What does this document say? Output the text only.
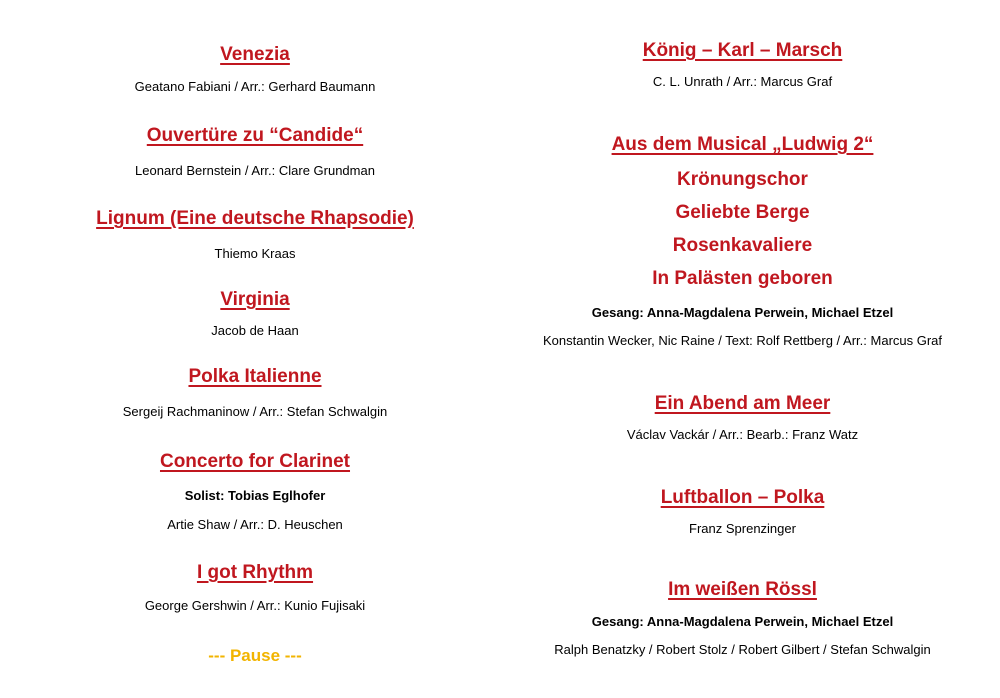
Venezia
Geatano Fabiani / Arr.: Gerhard Baumann
Ouvertüre zu “Candide“
Leonard Bernstein / Arr.: Clare Grundman
Lignum (Eine deutsche Rhapsodie)
Thiemo Kraas
Virginia
Jacob de Haan
Polka Italienne
Sergeij Rachmaninow / Arr.: Stefan Schwalgin
Concerto for Clarinet
Solist: Tobias Eglhofer
Artie Shaw / Arr.: D. Heuschen
I got Rhythm
George Gershwin / Arr.: Kunio Fujisaki
--- Pause ---
König – Karl – Marsch
C. L. Unrath / Arr.: Marcus Graf
Aus dem Musical „Ludwig 2“
Krönungschor
Geliebte Berge
Rosenkavaliere
In Palästen geboren
Gesang: Anna-Magdalena Perwein, Michael Etzel
Konstantin Wecker, Nic Raine / Text: Rolf Rettberg / Arr.: Marcus Graf
Ein Abend am Meer
Václav Vackár / Arr.: Bearb.: Franz Watz
Luftballon – Polka
Franz Sprenzinger
Im weißen Rössl
Gesang: Anna-Magdalena Perwein, Michael Etzel
Ralph Benatzky / Robert Stolz / Robert Gilbert / Stefan Schwalgin
